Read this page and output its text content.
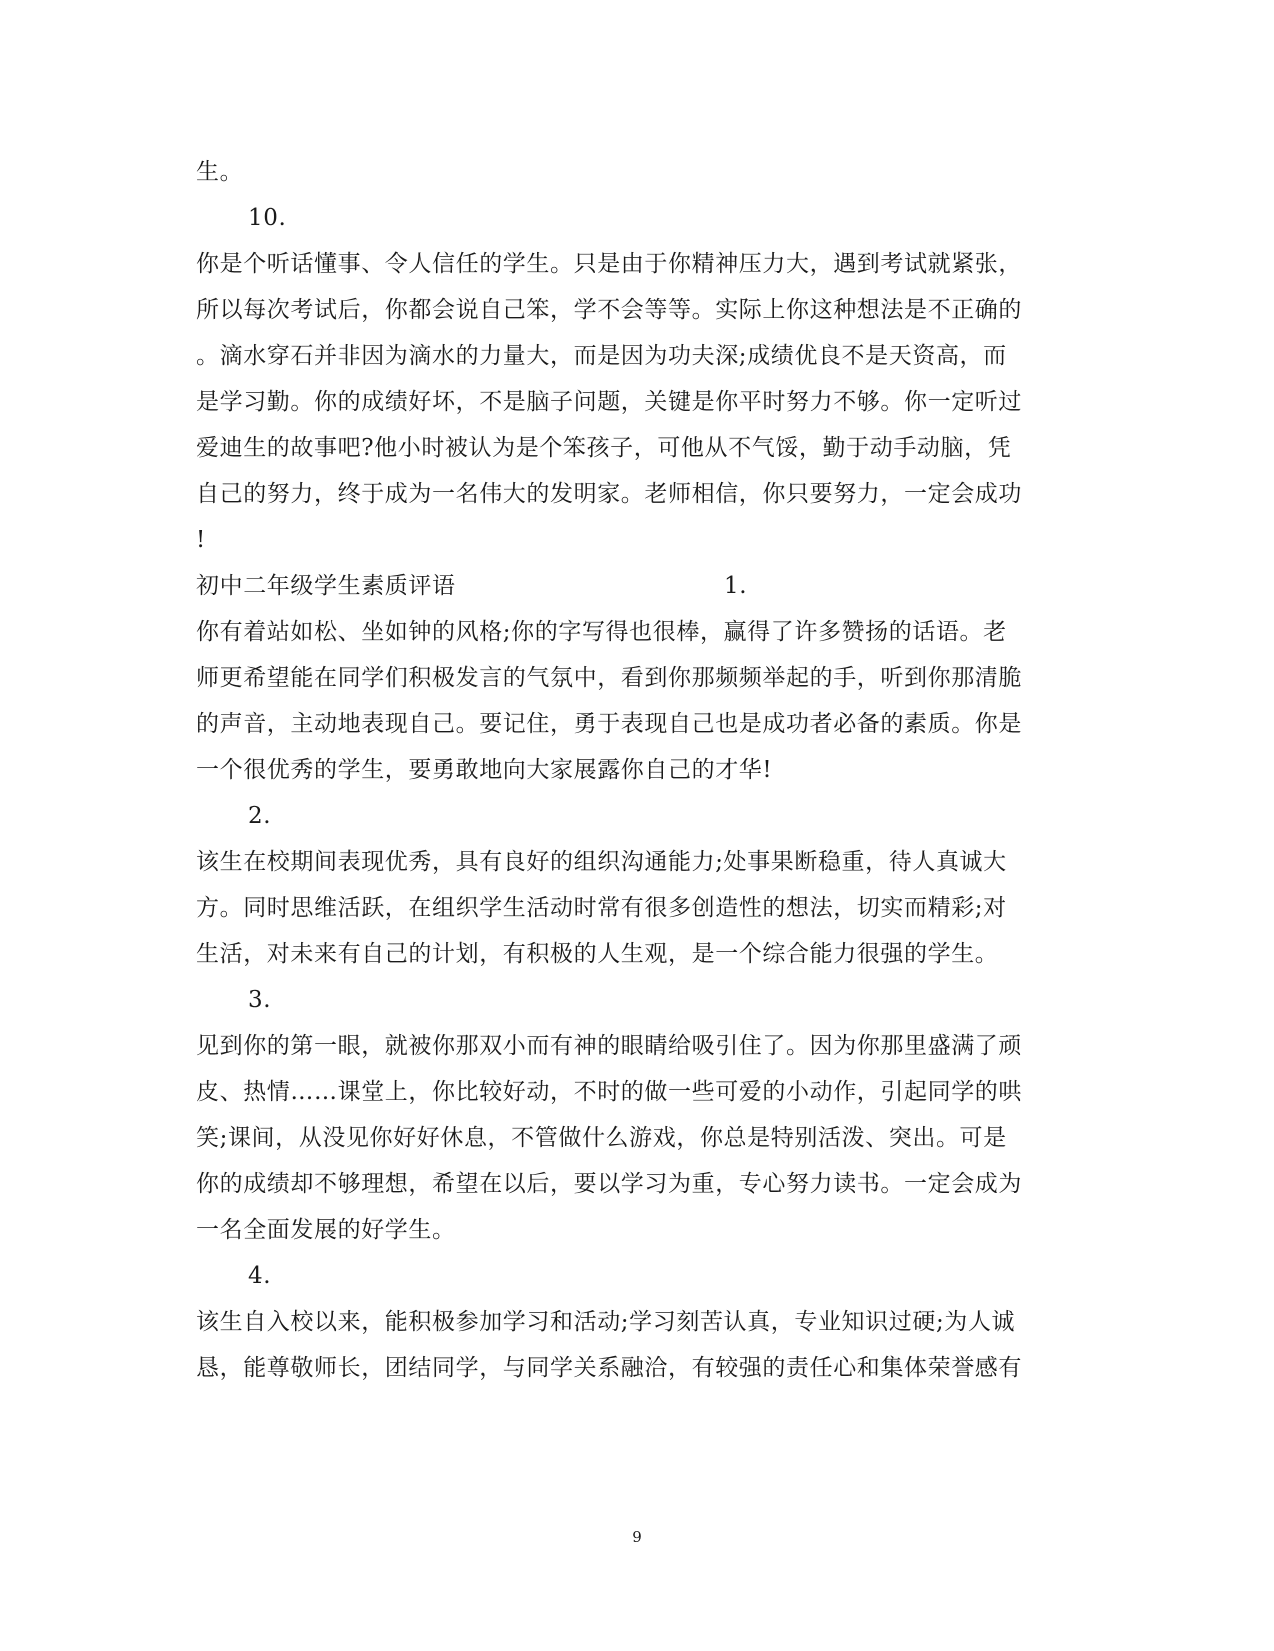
生。
10.
你是个听话懂事、令人信任的学生。只是由于你精神压力大，遇到考试就紧张，
所以每次考试后，你都会说自己笨，学不会等等。实际上你这种想法是不正确的
。滴水穿石并非因为滴水的力量大，而是因为功夫深;成绩优良不是天资高，而
是学习勤。你的成绩好坏，不是脑子问题，关键是你平时努力不够。你一定听过
爱迪生的故事吧?他小时被认为是个笨孩子，可他从不气馁，勤于动手动脑，凭
自己的努力，终于成为一名伟大的发明家。老师相信，你只要努力，一定会成功
!
初中二年级学生素质评语	1.
你有着站如松、坐如钟的风格;你的字写得也很棒，赢得了许多赞扬的话语。老
师更希望能在同学们积极发言的气氛中，看到你那频频举起的手，听到你那清脆
的声音，主动地表现自己。要记住，勇于表现自己也是成功者必备的素质。你是
一个很优秀的学生，要勇敢地向大家展露你自己的才华!
2.
该生在校期间表现优秀，具有良好的组织沟通能力;处事果断稳重，待人真诚大
方。同时思维活跃，在组织学生活动时常有很多创造性的想法，切实而精彩;对
生活，对未来有自己的计划，有积极的人生观，是一个综合能力很强的学生。
3.
见到你的第一眼，就被你那双小而有神的眼睛给吸引住了。因为你那里盛满了顽
皮、热情……课堂上，你比较好动，不时的做一些可爱的小动作，引起同学的哄
笑;课间，从没见你好好休息，不管做什么游戏，你总是特别活泼、突出。可是
你的成绩却不够理想，希望在以后，要以学习为重，专心努力读书。一定会成为
一名全面发展的好学生。
4.
该生自入校以来，能积极参加学习和活动;学习刻苦认真，专业知识过硬;为人诚
恳，能尊敬师长，团结同学，与同学关系融洽，有较强的责任心和集体荣誉感有
9
